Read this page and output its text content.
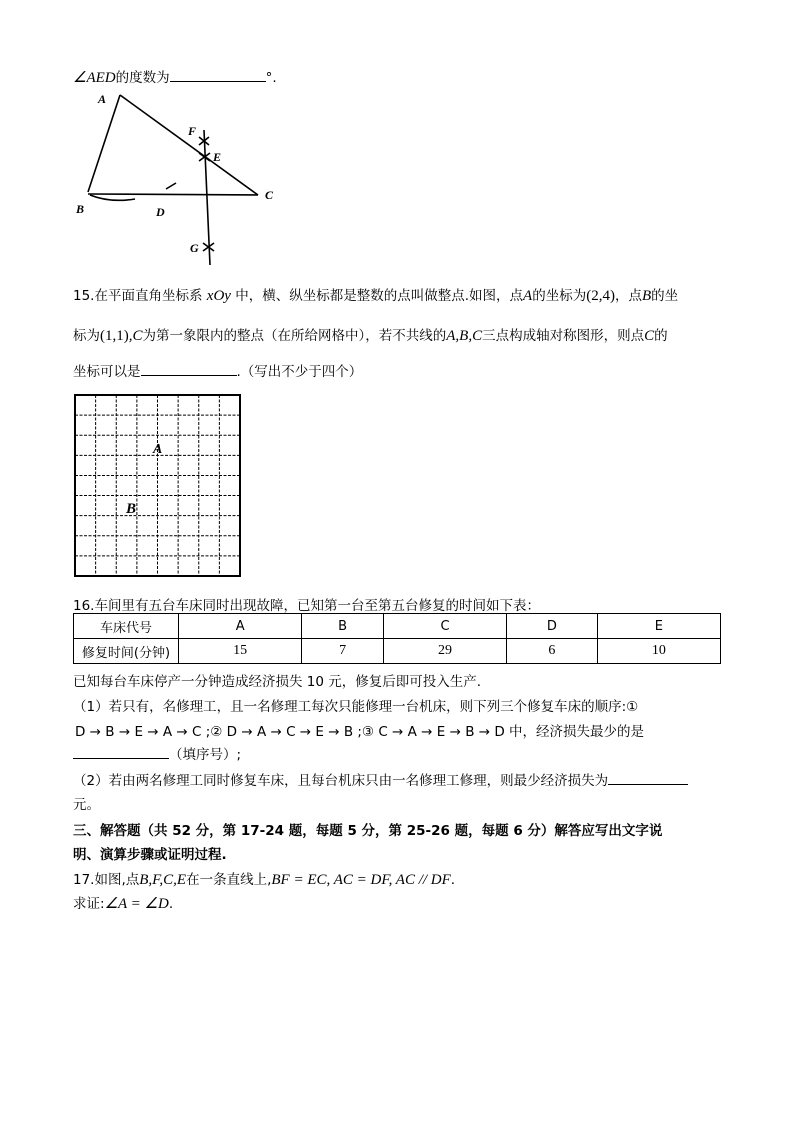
∠AED的度数为	°.
A
F
E
C
B	D
G
15.在平面直角坐标系 xOy 中，横、纵坐标都是整数的点叫做整点.如图，点A的坐标为(2,4)，点B的坐
标为(1,1),C为第一象限内的整点（在所给网格中），若不共线的A,B,C三点构成轴对称图形，则点C的
坐标可以是	.（写出不少于四个）
A
B
16.车间里有五台车床同时出现故障，已知第一台至第五台修复的时间如下表：
车床代号	A	B	C	D	E
修复时间(分钟)	15	7	29	6	10
已知每台车床停产一分钟造成经济损失 10 元，修复后即可投入生产.
（1）若只有，名修理工，且一名修理工每次只能修理一台机床，则下列三个修复车床的顺序:①
D → B → E → A → C ;② D → A → C → E → B ;③ C → A → E → B → D 中，经济损失最少的是
（填序号）;
（2）若由两名修理工同时修复车床，且每台机床只由一名修理工修理，则最少经济损失为
元。
三、解答题（共 52 分，第 17-24 题，每题 5 分，第 25-26 题，每题 6 分）解答应写出文字说
明、演算步骤或证明过程.
17.如图,点B,F,C,E在一条直线上,BF = EC, AC = DF, AC // DF.
求证:∠A = ∠D.
